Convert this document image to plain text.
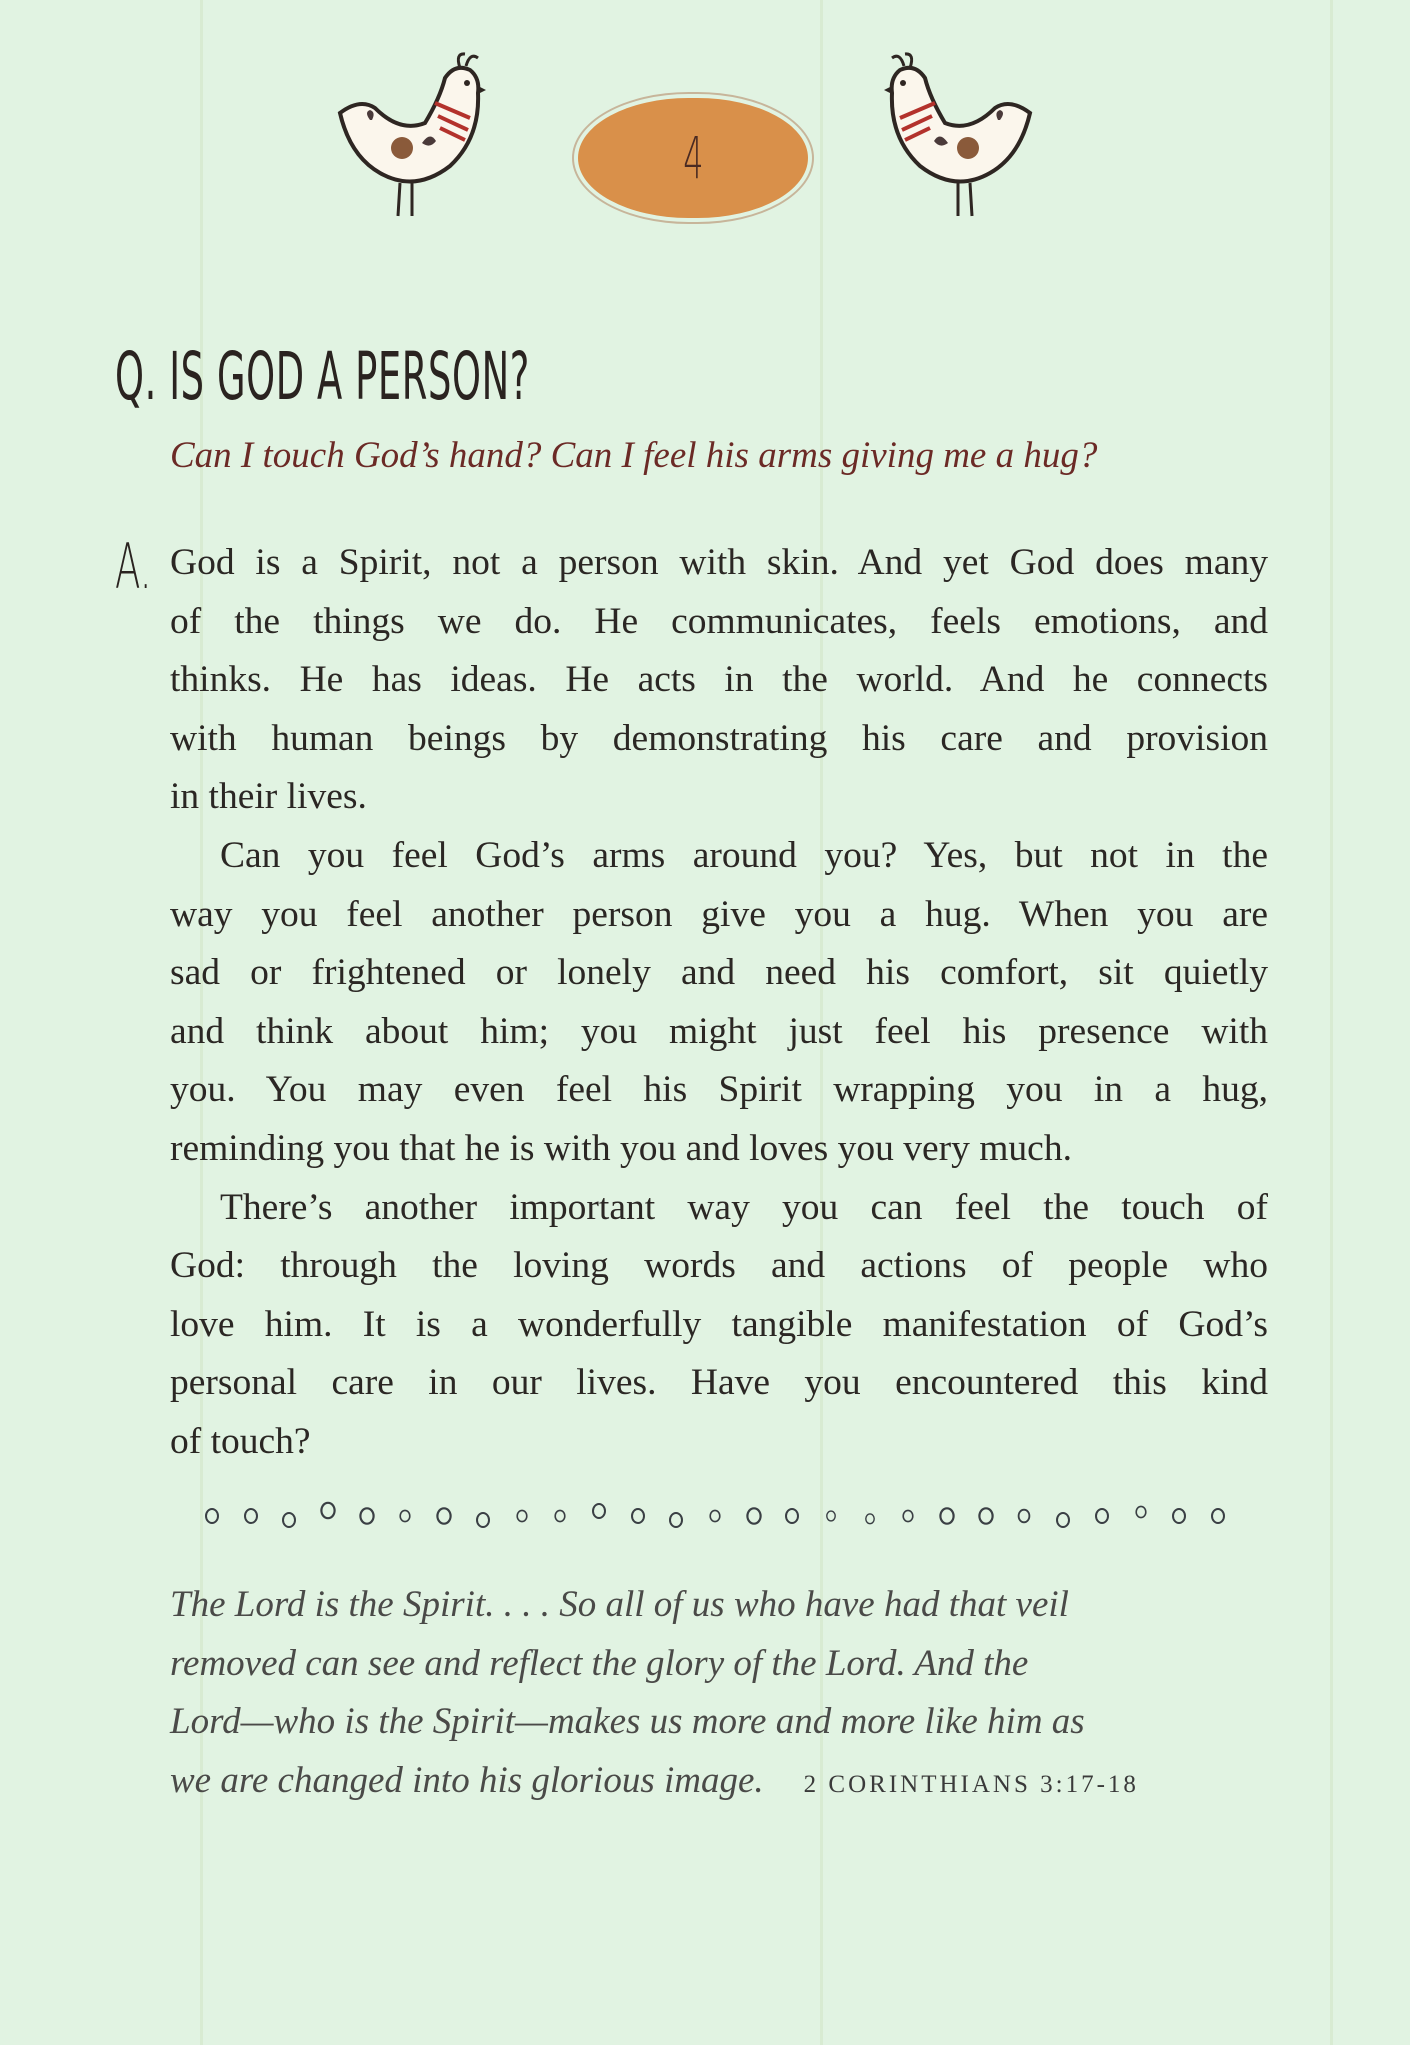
4
Q. IS GOD A PERSON?
Can I touch God’s hand? Can I feel his arms giving me a hug?
A. God is a Spirit, not a person with skin. And yet God does many
of the things we do. He communicates, feels emotions, and
thinks. He has ideas. He acts in the world. And he connects
with human beings by demonstrating his care and provision
in their lives.
Can you feel God’s arms around you? Yes, but not in the
way you feel another person give you a hug. When you are
sad or frightened or lonely and need his comfort, sit quietly
and think about him; you might just feel his presence with
you. You may even feel his Spirit wrapping you in a hug,
reminding you that he is with you and loves you very much.
There’s another important way you can feel the touch of
God: through the loving words and actions of people who
love him. It is a wonderfully tangible manifestation of God’s
personal care in our lives. Have you encountered this kind
of touch?
The Lord is the Spirit. . . . So all of us who have had that veil
removed can see and reflect the glory of the Lord. And the
Lord—who is the Spirit—makes us more and more like him as
we are changed into his glorious image. 2 CORINTHIANS 3:17-18
